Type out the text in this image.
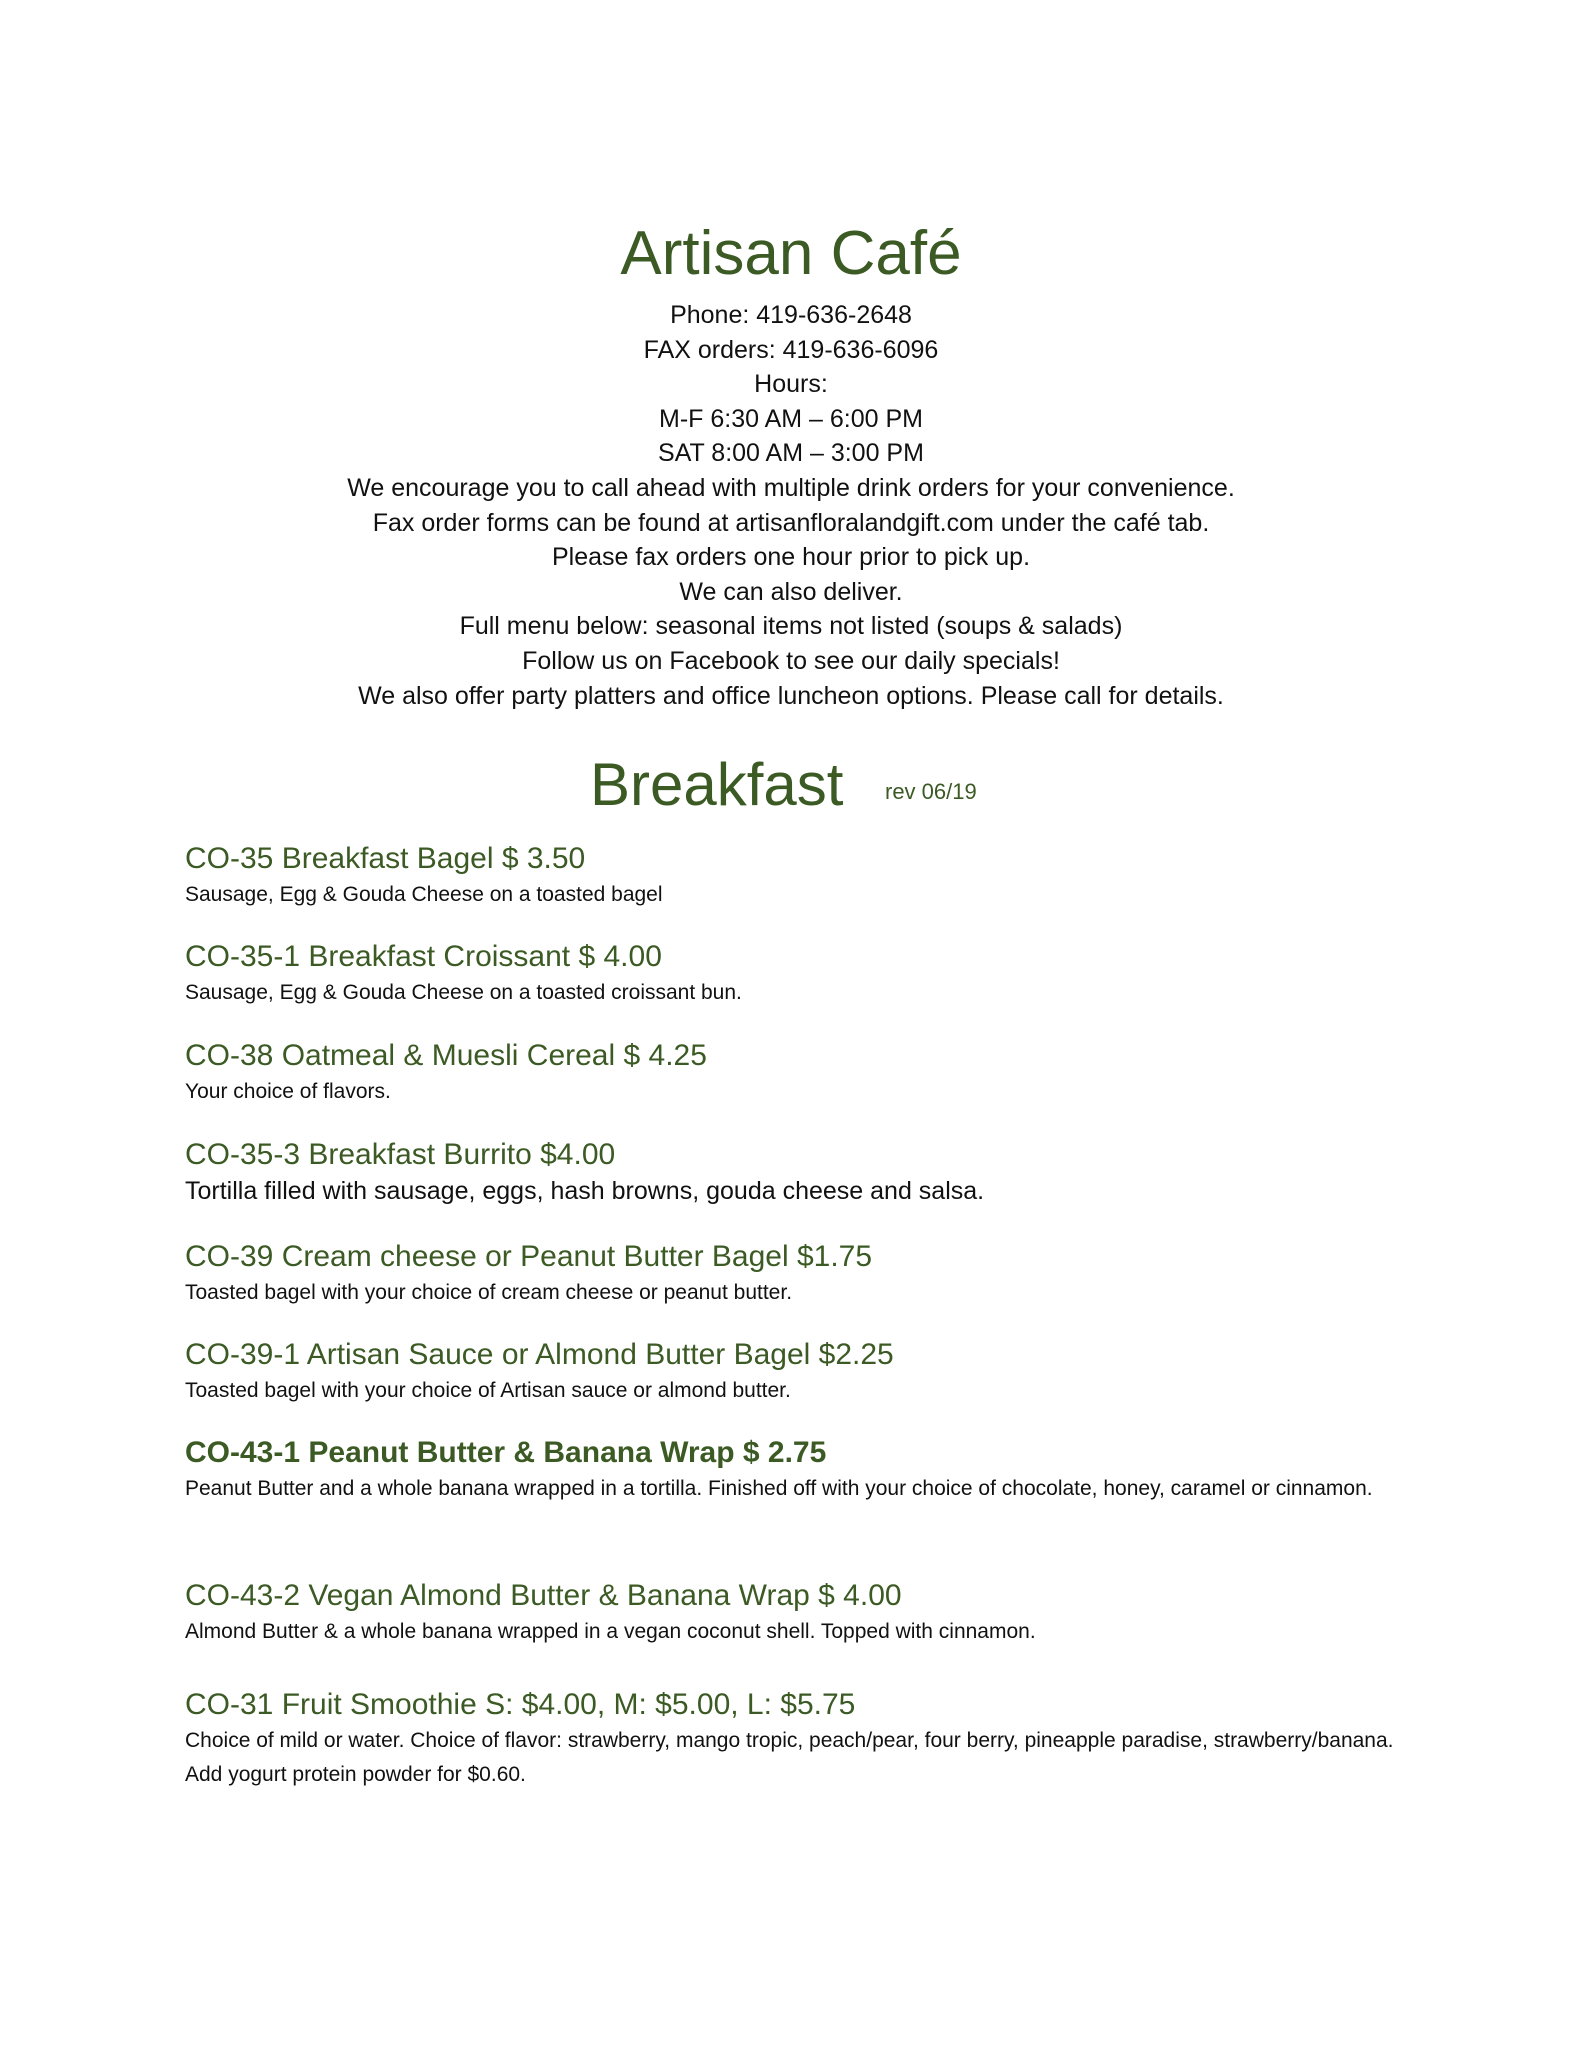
Artisan Café
Phone: 419-636-2648
FAX orders: 419-636-6096
Hours:
M-F 6:30 AM – 6:00 PM
SAT 8:00 AM – 3:00 PM
We encourage you to call ahead with multiple drink orders for your convenience.
Fax order forms can be found at artisanfloralandgift.com under the café tab.
Please fax orders one hour prior to pick up.
We can also deliver.
Full menu below: seasonal items not listed (soups & salads)
Follow us on Facebook to see our daily specials!
We also offer party platters and office luncheon options. Please call for details.
Breakfast rev 06/19
CO-35 Breakfast Bagel $ 3.50
Sausage, Egg & Gouda Cheese on a toasted bagel
CO-35-1 Breakfast Croissant $ 4.00
Sausage, Egg & Gouda Cheese on a toasted croissant bun.
CO-38 Oatmeal & Muesli Cereal $ 4.25
Your choice of flavors.
CO-35-3 Breakfast Burrito $4.00
Tortilla filled with sausage, eggs, hash browns, gouda cheese and salsa.
CO-39 Cream cheese or Peanut Butter Bagel $1.75
Toasted bagel with your choice of cream cheese or peanut butter.
CO-39-1 Artisan Sauce or Almond Butter Bagel $2.25
Toasted bagel with your choice of Artisan sauce or almond butter.
CO-43-1 Peanut Butter & Banana Wrap $ 2.75
Peanut Butter and a whole banana wrapped in a tortilla. Finished off with your choice of chocolate, honey, caramel or cinnamon.
CO-43-2 Vegan Almond Butter & Banana Wrap $ 4.00
Almond Butter & a whole banana wrapped in a vegan coconut shell. Topped with cinnamon.
CO-31 Fruit Smoothie S: $4.00, M: $5.00, L: $5.75
Choice of mild or water. Choice of flavor: strawberry, mango tropic, peach/pear, four berry, pineapple paradise, strawberry/banana. Add yogurt protein powder for $0.60.
